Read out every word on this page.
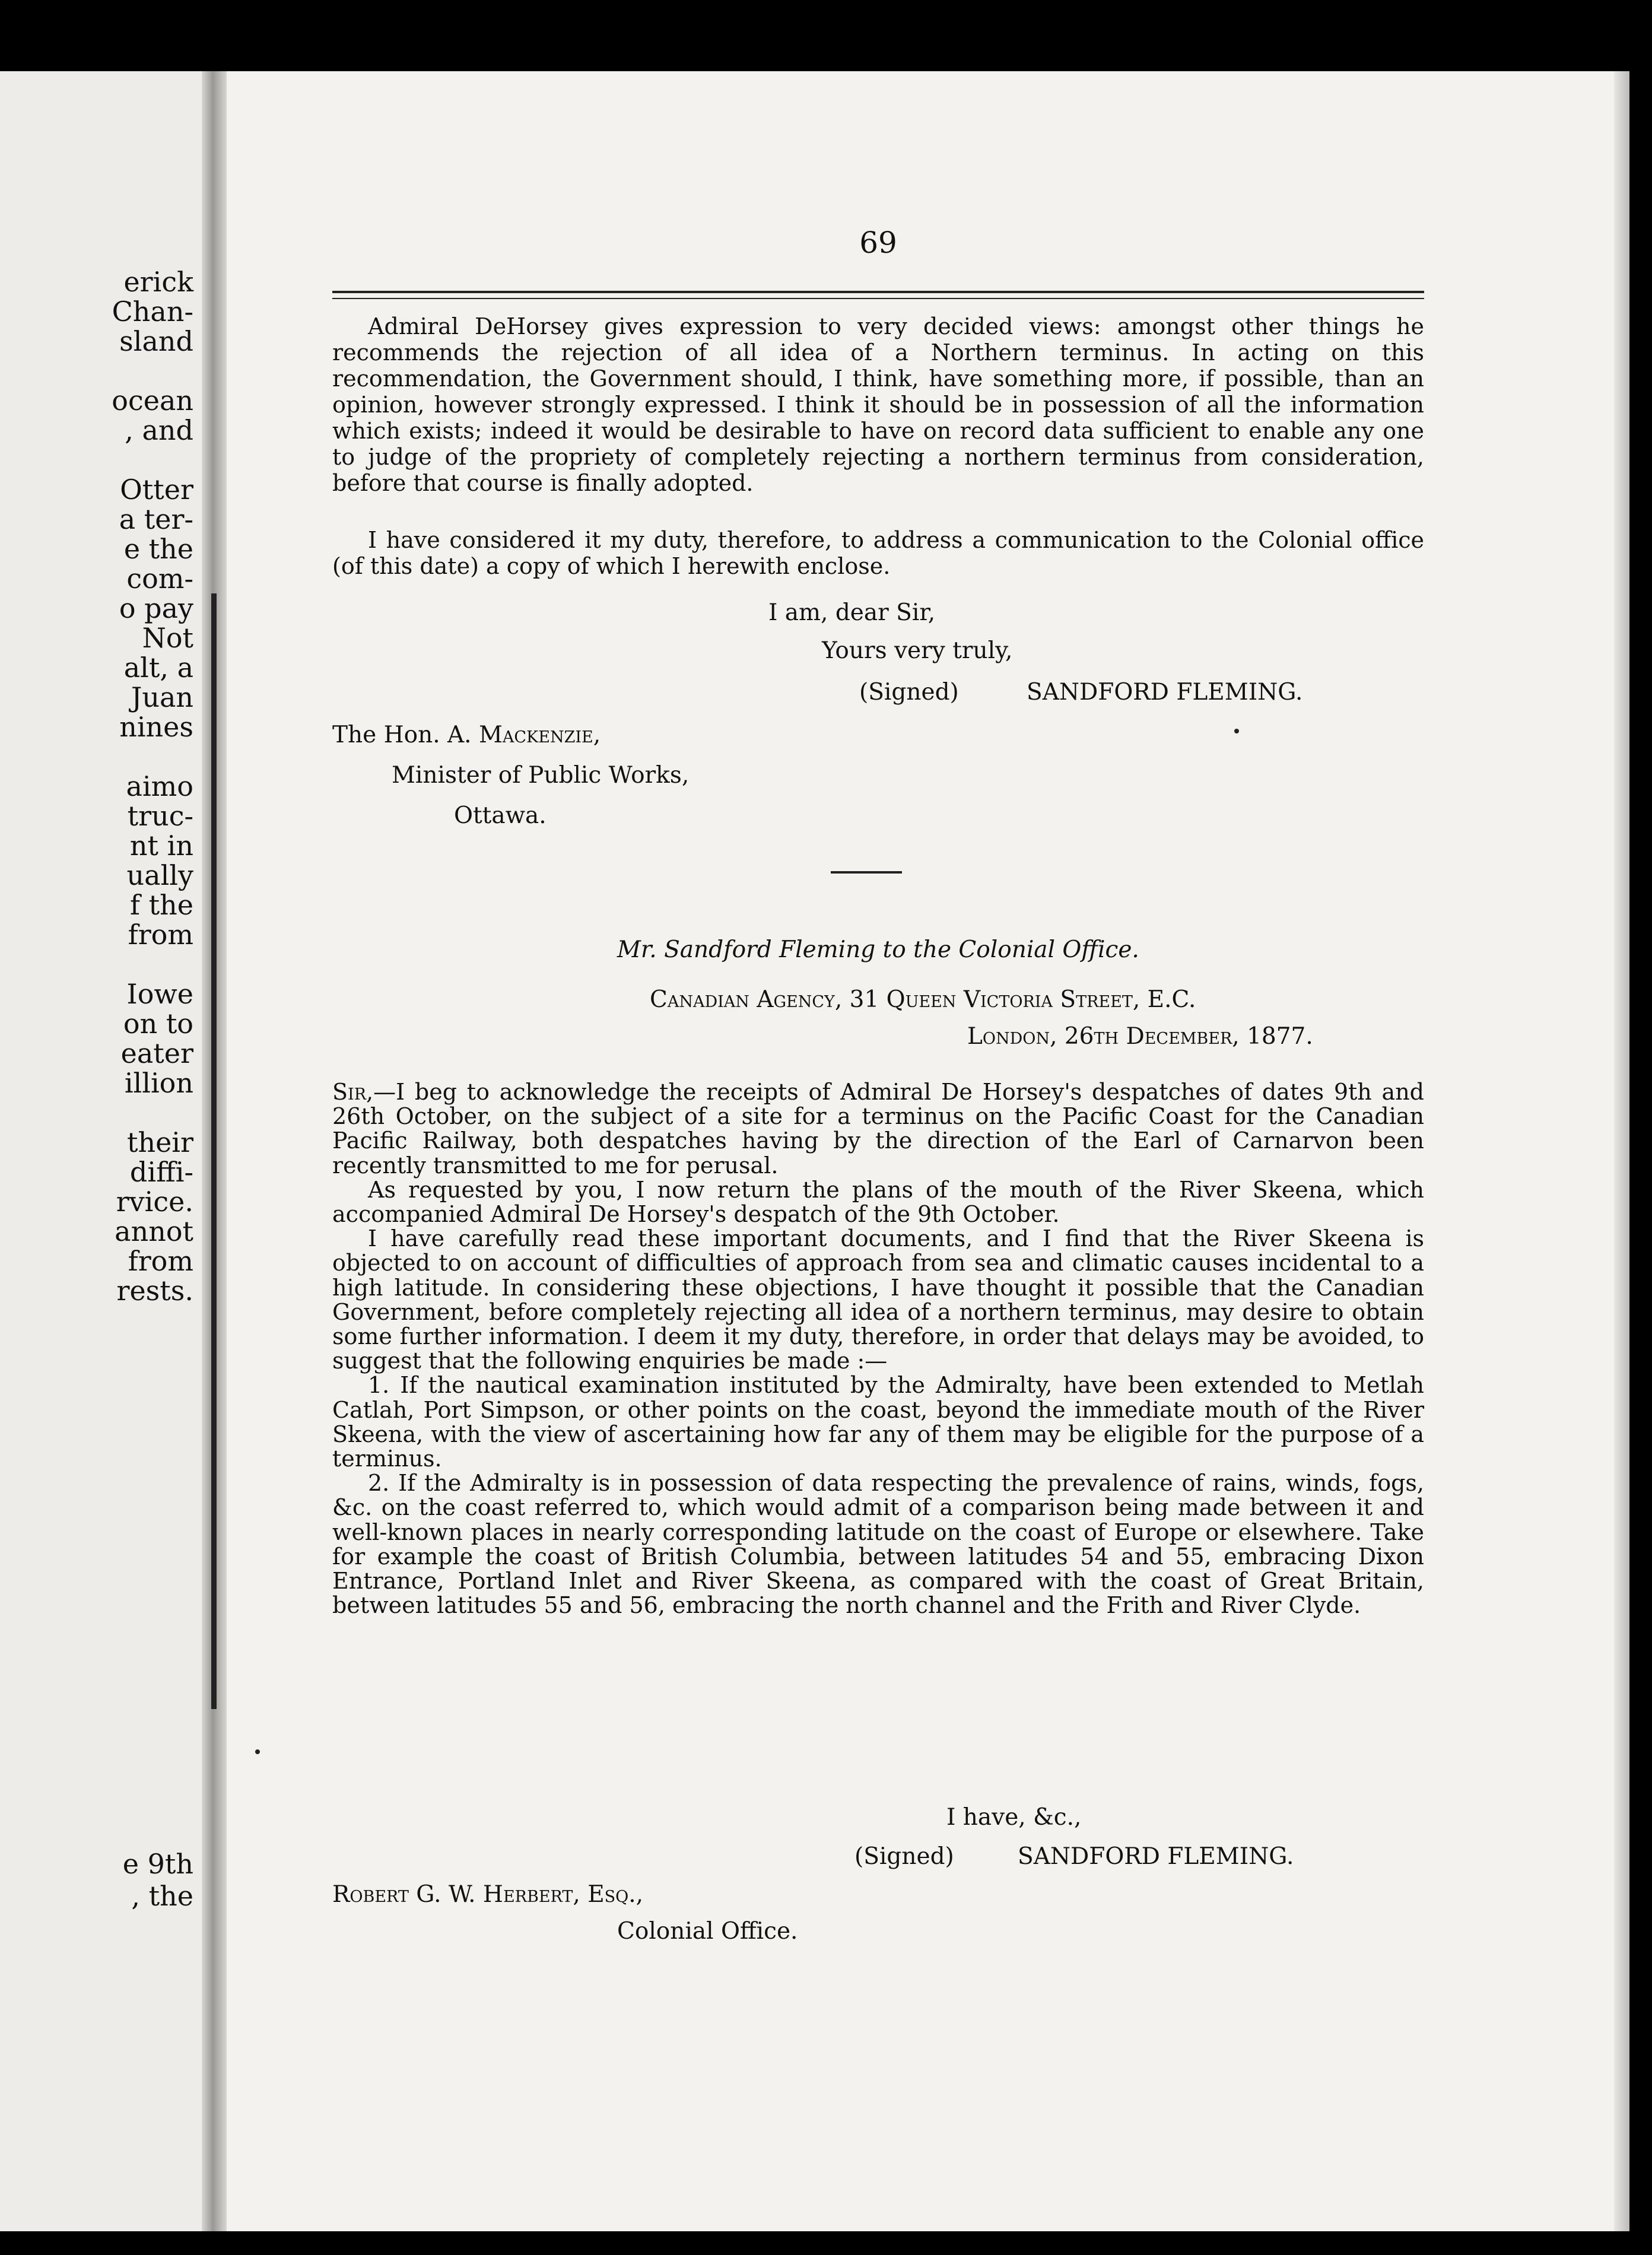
erick
Chan-
sland
ocean
, and
Otter
a ter-
e the
com-
o pay
Not
alt, a
Juan
nines
aimo
truc-
nt in
ually
f the
from
Iowe
on to
eater
illion
their
diffi-
rvice.
annot
from
rests.
e 9th
, the
69

Admiral DeHorsey gives expression to very decided views: amongst other things he recommends the rejection of all idea of a Northern terminus. In acting on this recommendation, the Government should, I think, have something more, if possible, than an opinion, however strongly expressed. I think it should be in possession of all the information which exists; indeed it would be desirable to have on record data sufficient to enable any one to judge of the propriety of completely rejecting a northern terminus from consideration, before that course is finally adopted.

I have considered it my duty, therefore, to address a communication to the Colonial office (of this date) a copy of which I herewith enclose.

I am, dear Sir,
Yours very truly,
(Signed)	SANDFORD FLEMING.
The Hon. A. Mackenzie,
Minister of Public Works,
Ottawa.
Mr. Sandford Fleming to the Colonial Office.
Canadian Agency, 31 Queen Victoria Street, E.C.
London, 26th December, 1877.

Sir,—I beg to acknowledge the receipts of Admiral De Horsey's despatches of dates 9th and 26th October, on the subject of a site for a terminus on the Pacific Coast for the Canadian Pacific Railway, both despatches having by the direction of the Earl of Carnarvon been recently transmitted to me for perusal.

As requested by you, I now return the plans of the mouth of the River Skeena, which accompanied Admiral De Horsey's despatch of the 9th October.

I have carefully read these important documents, and I find that the River Skeena is objected to on account of difficulties of approach from sea and climatic causes incidental to a high latitude. In considering these objections, I have thought it possible that the Canadian Government, before completely rejecting all idea of a northern terminus, may desire to obtain some further information. I deem it my duty, therefore, in order that delays may be avoided, to suggest that the following enquiries be made :—

1. If the nautical examination instituted by the Admiralty, have been extended to Metlah Catlah, Port Simpson, or other points on the coast, beyond the immediate mouth of the River Skeena, with the view of ascertaining how far any of them may be eligible for the purpose of a terminus.

2. If the Admiralty is in possession of data respecting the prevalence of rains, winds, fogs, &c. on the coast referred to, which would admit of a comparison being made between it and well-known places in nearly corresponding latitude on the coast of Europe or elsewhere. Take for example the coast of British Columbia, between latitudes 54 and 55, embracing Dixon Entrance, Portland Inlet and River Skeena, as compared with the coast of Great Britain, between latitudes 55 and 56, embracing the north channel and the Frith and River Clyde.

I have, &c.,
(Signed)	SANDFORD FLEMING.
Robert G. W. Herbert, Esq.,
Colonial Office.
